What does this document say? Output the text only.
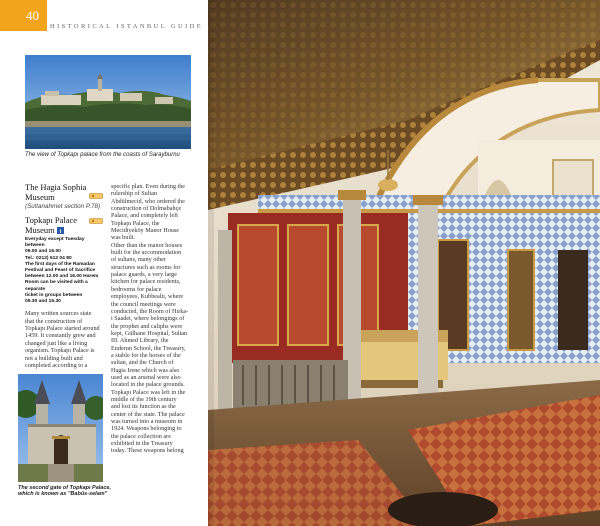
40
HISTORICAL ISTANBUL GUIDE
The view of Topkapı palace from the coasts of Sarayburnu
The Hagia Sophia
Museum
(Sultanahmet section P.78)
Topkapı Palace
Museum i
Everyday except Tuesday between
09.00 and 16.00
Tel.: 0212) 512 04 80
The first days of the Ramadan
Festival and Feast of Sacrifice
between 12.00 and 16.00 Harem
Room can be visited with a separate
ticket in groups between
09.30 and 15.30
Many written sources state
that the construction of
Topkapı Palace started around
1459. It constantly grew and
changed just like a living
organism. Topkapı Palace is
not a building built and
completed according to a
The second gate of Topkapı Palace,
which is known as "Babüs-selam"
specific plan. Even during the
rulership of Sultan
Abdülmecid, who ordered the
construction of Dolmabahçe
Palace, and completely left
Topkapı Palace, the
Mecidiyeköy Manor House
was built.
Other than the manor houses
built for the accommodation
of sultans, many other
structures such as rooms for
palace guards, a very large
kitchen for palace residents,
bedrooms for palace
employees, Kubbealtı, where
the council meetings were
conducted, the Room of Hırka-
i Saadet, where belongings of
the prophet and caliphs were
kept, Gülhane Hospital, Sultan
III. Ahmed Library, the
Enderun School, the Treasury,
a stable for the horses of the
sultan, and the Church of
Hagia Irene which was also
used as an arsenal were also
located in the palace grounds.
Topkapı Palace was left in the
middle of the 19th century
and lost its function as the
center of the state. The palace
was turned into a museum in
1924. Weapons belonging to
the palace collection are
exhibited in the Treasury
today. These weapons belong
